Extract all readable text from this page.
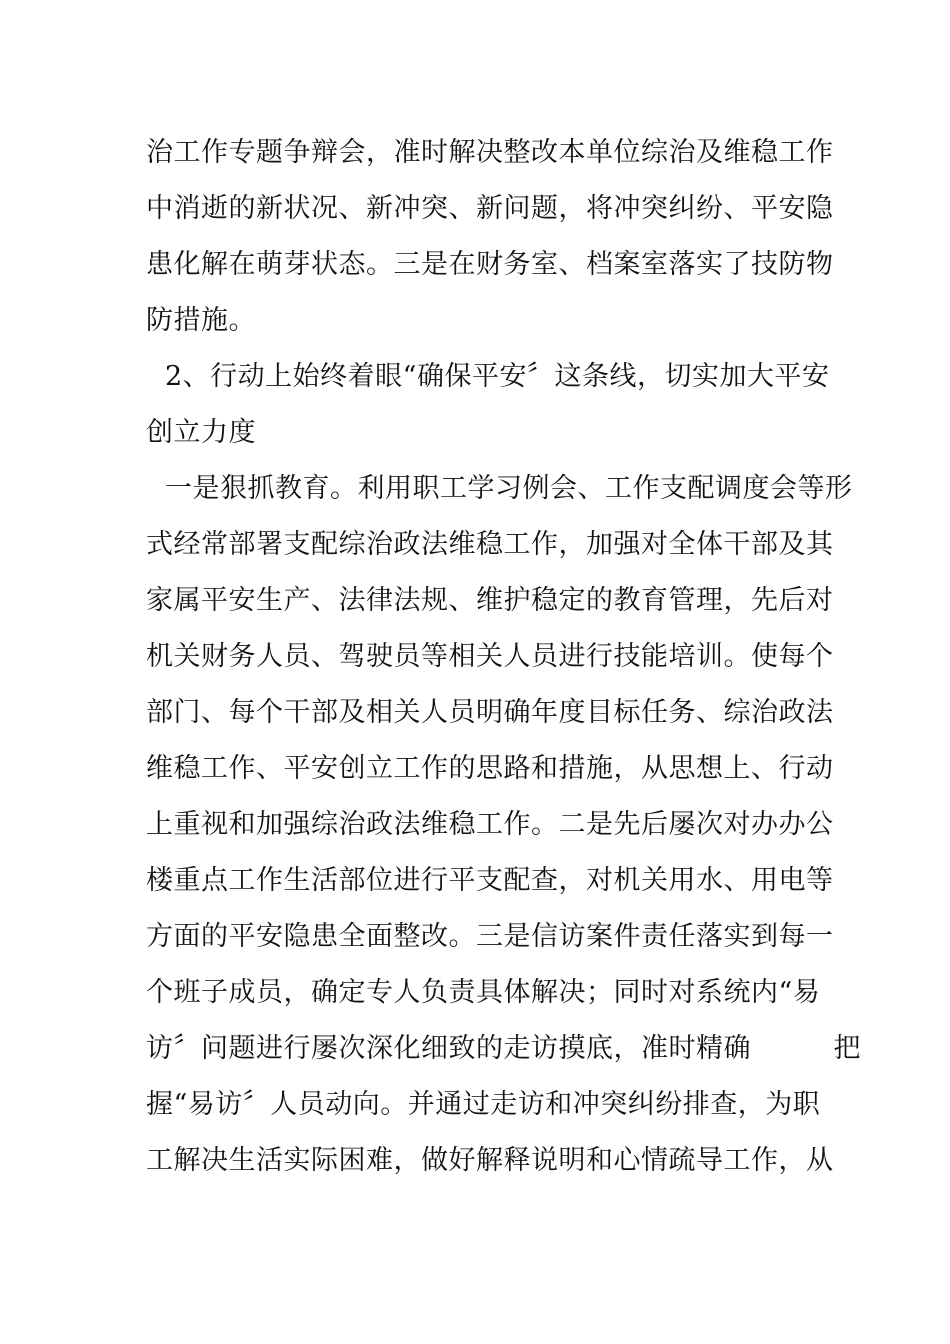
治工作专题争辩会，准时解决整改本单位综治及维稳工作
中消逝的新状况、新冲突、新问题，将冲突纠纷、平安隐
患化解在萌芽状态。三是在财务室、档案室落实了技防物
防措施。
2、行动上始终着眼“确保平安〞这条线，切实加大平安
创立力度
一是狠抓教育。利用职工学习例会、工作支配调度会等形
式经常部署支配综治政法维稳工作，加强对全体干部及其
家属平安生产、法律法规、维护稳定的教育管理，先后对
机关财务人员、驾驶员等相关人员进行技能培训。使每个
部门、每个干部及相关人员明确年度目标任务、综治政法
维稳工作、平安创立工作的思路和措施，从思想上、行动
上重视和加强综治政法维稳工作。二是先后屡次对办办公
楼重点工作生活部位进行平支配查，对机关用水、用电等
方面的平安隐患全面整改。三是信访案件责任落实到每一
个班子成员，确定专人负责具体解决；同时对系统内“易
访〞问题进行屡次深化细致的走访摸底，准时精确　　　把
握“易访〞人员动向。并通过走访和冲突纠纷排查，为职
工解决生活实际困难，做好解释说明和心情疏导工作，从
